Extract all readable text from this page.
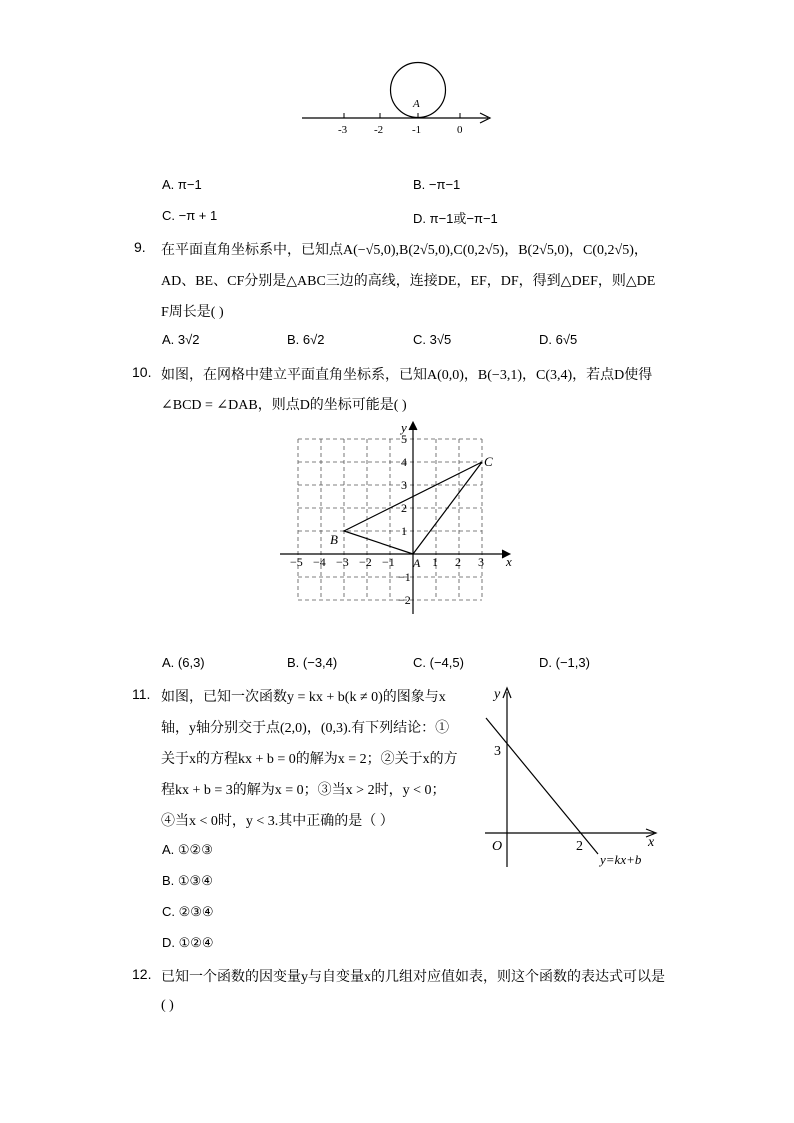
A
-3 -2	-1	0
A. π−1	B. −π−1
C. −π + 1	D. π−1或−π−1
9. 在平面直角坐标系中，已知点A(−√5,0),B(2√5,0),C(0,2√5)，B(2√5,0)，C(0,2√5)，
AD、BE、CF分别是△ABC三边的高线，连接DE，EF，DF，得到△DEF，则△DE
F周长是( )
A. 3√2	B. 6√2	C. 3√5	D. 6√5
10. 如图，在网格中建立平面直角坐标系，已知A(0,0)，B(−3,1)，C(3,4)，若点D使得
∠BCD = ∠DAB，则点D的坐标可能是( )
x
y
−5 −4 −3 −2 −1 A 1 2 3
5
4
3
2
1
−1
−2
B
C
A. (6,3)	B. (−3,4)	C. (−4,5)	D. (−1,3)
11. 如图，已知一次函数y = kx + b(k ≠ 0)的图象与x
轴，y轴分别交于点(2,0)，(0,3).有下列结论：①
关于x的方程kx + b = 0的解为x = 2；②关于x的方
程kx + b = 3的解为x = 0；③当x > 2时，y < 0；
④当x < 0时，y < 3.其中正确的是（ ）
A. ①②③
B. ①③④
C. ②③④
D. ①②④
y
x
O	2
3
y=kx+b
12. 已知一个函数的因变量y与自变量x的几组对应值如表，则这个函数的表达式可以是
( )
